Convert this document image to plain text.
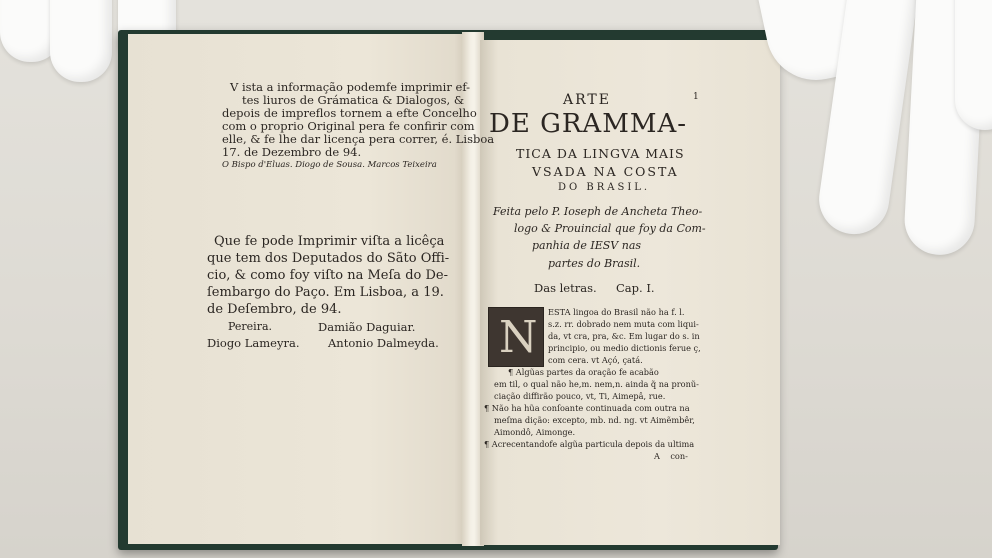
V ista a informação podemfe imprimir ef-
tes liuros de Grámatica & Dialogos, &
depois de impreflos tornem a efte Concelho
com o proprio Original pera fe confirir com
elle, & fe lhe dar licença pera correr, é. Lisboa
17. de Dezembro de 94.
O Bispo d'Eluas. Diogo de Sousa. Marcos Teixeira
Que fe pode Imprimir viſta a licêça
que tem dos Deputados do Sãto Offi-
cio, & como foy viſto na Meſa do De-
ſembargo do Paço. Em Lisboa, a 19.
de Deſembro, de 94.
Pereira.	Damião Daguiar.
Diogo Lameyra. Antonio Dalmeyda.
1
ARTE
DE GRAMMA-
TICA DA LINGVA MAIS
VSADA NA COSTA
DO BRASIL.
Feita pelo P. Ioseph de Ancheta Theo-
logo & Prouincial que foy da Com-
panhia de IESV nas
partes do Brasil.
Das letras. Cap. I.
N ESTA lingoa do Brasil não ha f. l.
s.z. rr. dobrado nem muta com liqui-
da, vt cra, pra, &c. Em lugar do s. in
principio, ou medio dictionis ferue ç,
com cera. vt Açó, çatá.
¶ Algũas partes da oração fe acabão
em til, o qual não he,m. nem,n. ainda q̃ na pronũ-
ciação diffirão pouco, vt, Ti, Aimepâ, rue.
¶ Não ha hũa conſoante continuada com outra na
meſma dição: excepto, mb. nd. ng. vt Aimẽmbêr,
Aimondô, Aimonge.
¶ Acrecentandofe algũa particula depois da ultima
A    con-
